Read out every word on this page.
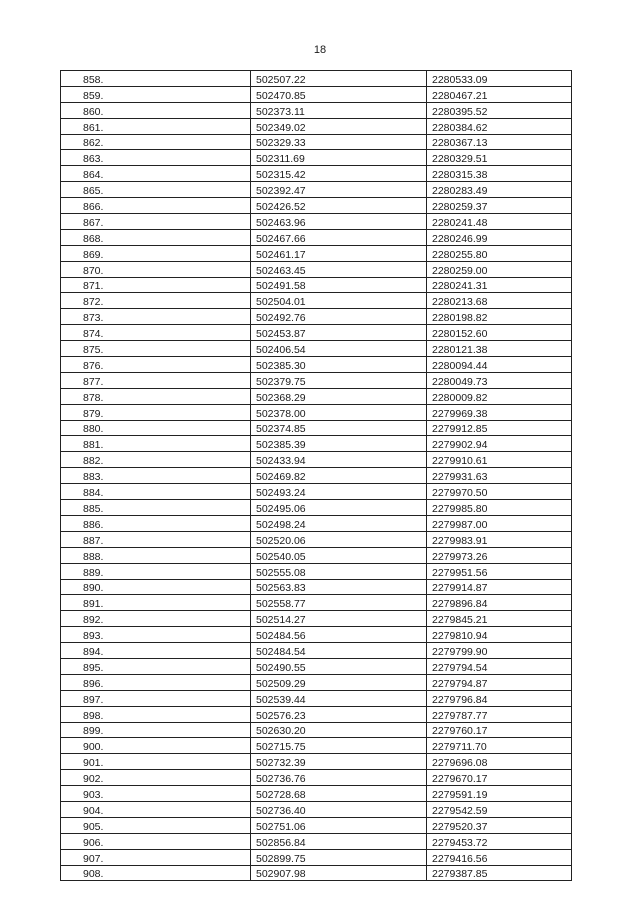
18
858.	502507.22	2280533.09
859.	502470.85	2280467.21
860.	502373.11	2280395.52
861.	502349.02	2280384.62
862.	502329.33	2280367.13
863.	502311.69	2280329.51
864.	502315.42	2280315.38
865.	502392.47	2280283.49
866.	502426.52	2280259.37
867.	502463.96	2280241.48
868.	502467.66	2280246.99
869.	502461.17	2280255.80
870.	502463.45	2280259.00
871.	502491.58	2280241.31
872.	502504.01	2280213.68
873.	502492.76	2280198.82
874.	502453.87	2280152.60
875.	502406.54	2280121.38
876.	502385.30	2280094.44
877.	502379.75	2280049.73
878.	502368.29	2280009.82
879.	502378.00	2279969.38
880.	502374.85	2279912.85
881.	502385.39	2279902.94
882.	502433.94	2279910.61
883.	502469.82	2279931.63
884.	502493.24	2279970.50
885.	502495.06	2279985.80
886.	502498.24	2279987.00
887.	502520.06	2279983.91
888.	502540.05	2279973.26
889.	502555.08	2279951.56
890.	502563.83	2279914.87
891.	502558.77	2279896.84
892.	502514.27	2279845.21
893.	502484.56	2279810.94
894.	502484.54	2279799.90
895.	502490.55	2279794.54
896.	502509.29	2279794.87
897.	502539.44	2279796.84
898.	502576.23	2279787.77
899.	502630.20	2279760.17
900.	502715.75	2279711.70
901.	502732.39	2279696.08
902.	502736.76	2279670.17
903.	502728.68	2279591.19
904.	502736.40	2279542.59
905.	502751.06	2279520.37
906.	502856.84	2279453.72
907.	502899.75	2279416.56
908.	502907.98	2279387.85
